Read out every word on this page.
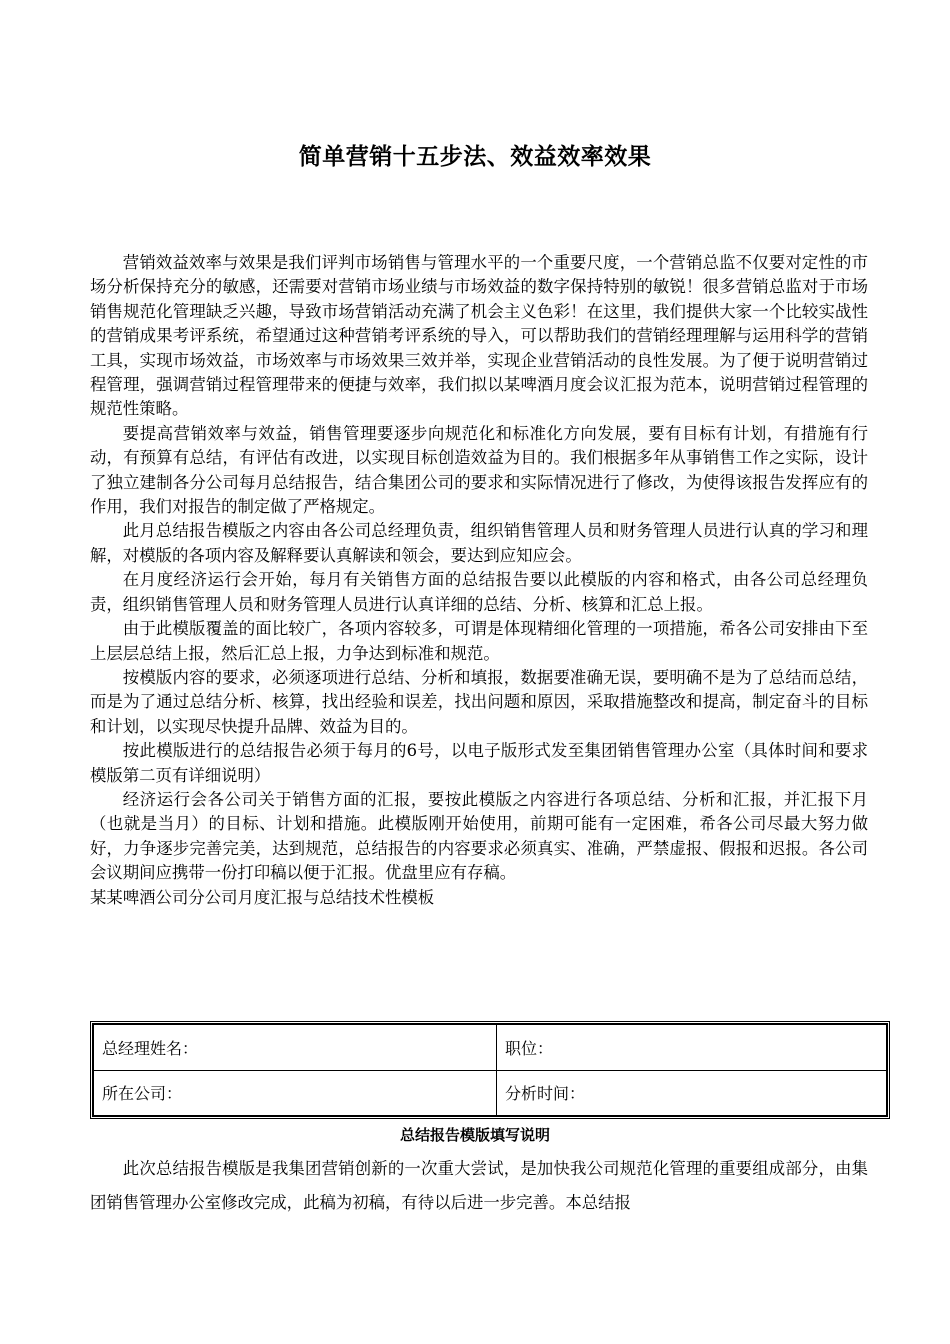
简单营销十五步法、效益效率效果

营销效益效率与效果是我们评判市场销售与管理水平的一个重要尺度，一个营销总监不仅要对定性的市场分析保持充分的敏感，还需要对营销市场业绩与市场效益的数字保持特别的敏锐！很多营销总监对于市场销售规范化管理缺乏兴趣，导致市场营销活动充满了机会主义色彩！在这里，我们提供大家一个比较实战性的营销成果考评系统，希望通过这种营销考评系统的导入，可以帮助我们的营销经理理解与运用科学的营销工具，实现市场效益，市场效率与市场效果三效并举，实现企业营销活动的良性发展。为了便于说明营销过程管理，强调营销过程管理带来的便捷与效率，我们拟以某啤酒月度会议汇报为范本，说明营销过程管理的规范性策略。

要提高营销效率与效益，销售管理要逐步向规范化和标准化方向发展，要有目标有计划，有措施有行动，有预算有总结，有评估有改进，以实现目标创造效益为目的。我们根据多年从事销售工作之实际，设计了独立建制各分公司每月总结报告，结合集团公司的要求和实际情况进行了修改，为使得该报告发挥应有的作用，我们对报告的制定做了严格规定。

此月总结报告模版之内容由各公司总经理负责，组织销售管理人员和财务管理人员进行认真的学习和理解，对模版的各项内容及解释要认真解读和领会，要达到应知应会。

在月度经济运行会开始，每月有关销售方面的总结报告要以此模版的内容和格式，由各公司总经理负责，组织销售管理人员和财务管理人员进行认真详细的总结、分析、核算和汇总上报。

由于此模版覆盖的面比较广，各项内容较多，可谓是体现精细化管理的一项措施，希各公司安排由下至上层层总结上报，然后汇总上报，力争达到标准和规范。

按模版内容的要求，必须逐项进行总结、分析和填报，数据要准确无误，要明确不是为了总结而总结，而是为了通过总结分析、核算，找出经验和误差，找出问题和原因，采取措施整改和提高，制定奋斗的目标和计划，以实现尽快提升品牌、效益为目的。

按此模版进行的总结报告必须于每月的6号，以电子版形式发至集团销售管理办公室（具体时间和要求模版第二页有详细说明）

经济运行会各公司关于销售方面的汇报，要按此模版之内容进行各项总结、分析和汇报，并汇报下月（也就是当月）的目标、计划和措施。此模版刚开始使用，前期可能有一定困难，希各公司尽最大努力做好，力争逐步完善完美，达到规范，总结报告的内容要求必须真实、准确，严禁虚报、假报和迟报。各公司会议期间应携带一份打印稿以便于汇报。优盘里应有存稿。

某某啤酒公司分公司月度汇报与总结技术性模板

总经理姓名：	职位：
所在公司：	分析时间：
总结报告模版填写说明

此次总结报告模版是我集团营销创新的一次重大尝试，是加快我公司规范化管理的重要组成部分，由集团销售管理办公室修改完成，此稿为初稿，有待以后进一步完善。本总结报
